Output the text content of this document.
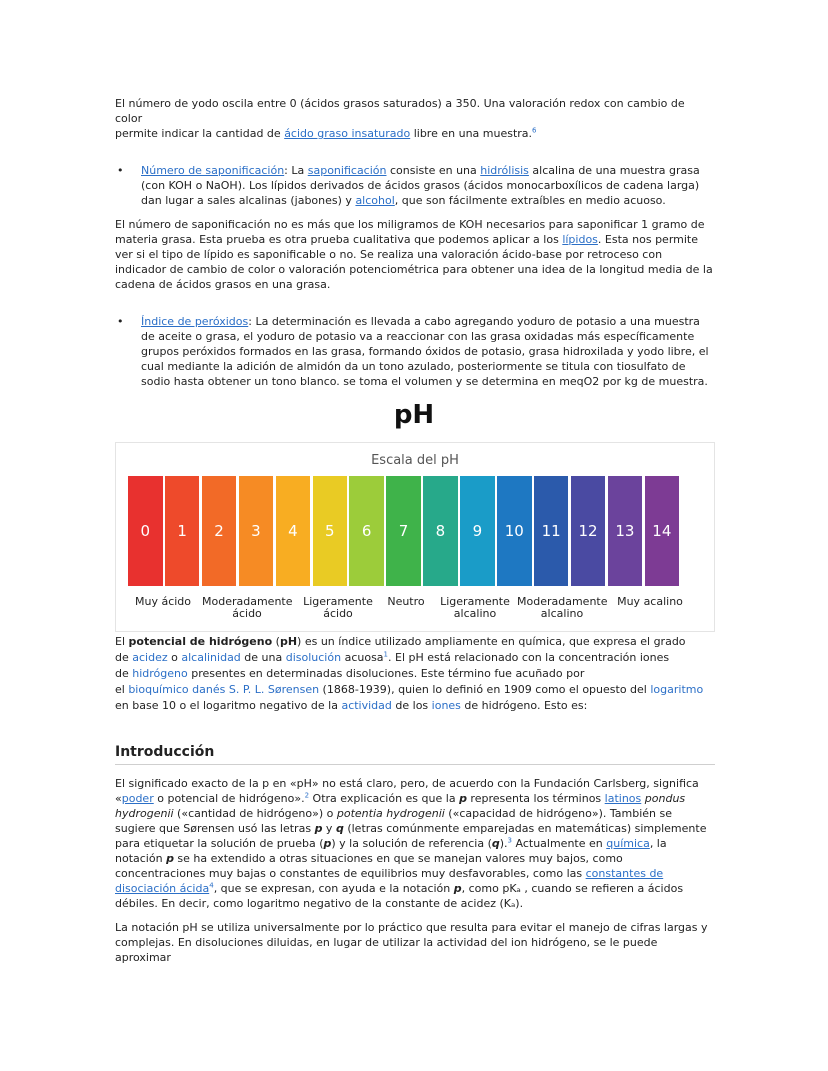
El número de yodo oscila entre 0 (ácidos grasos saturados) a 350. Una valoración redox con cambio de color
permite indicar la cantidad de ácido graso insaturado libre en una muestra.$^6$

• Número de saponificación: La saponificación consiste en una hidrólisis alcalina de una muestra grasa (con KOH o NaOH). Los lípidos derivados de ácidos grasos (ácidos monocarboxílicos de cadena larga) dan lugar a sales alcalinas (jabones) y alcohol, que son fácilmente extraíbles en medio acuoso.

El número de saponificación no es más que los miligramos de KOH necesarios para saponificar 1 gramo de materia grasa. Esta prueba es otra prueba cualitativa que podemos aplicar a los lípidos. Esta nos permite ver si el tipo de lípido es saponificable o no. Se realiza una valoración ácido-base por retroceso con indicador de cambio de color o valoración potenciométrica para obtener una idea de la longitud media de la cadena de ácidos grasos en una grasa.

• Índice de peróxidos: La determinación es llevada a cabo agregando yoduro de potasio a una muestra de aceite o grasa, el yoduro de potasio va a reaccionar con las grasa oxidadas más específicamente grupos peróxidos formados en las grasa, formando óxidos de potasio, grasa hidroxilada y yodo libre, el cual mediante la adición de almidón da un tono azulado, posteriormente se titula con tiosulfato de sodio hasta obtener un tono blanco. se toma el volumen y se determina en meqO2 por kg de muestra.

pH
Escala del pH
0	1	2	3	4	5	6	7	8	9	10	11	12	13	14
Muy ácido Moderadamente
ácido
Ligeramente
ácido
Neutro	Ligeramente
alcalino
Moderadamente
alcalino
Muy acalino
El potencial de hidrógeno (pH) es un índice utilizado ampliamente en química, que expresa el grado
de acidez o alcalinidad de una disolución acuosa$^1$. El pH está relacionado con la concentración iones
de hidrógeno presentes en determinadas disoluciones. Este término fue acuñado por
el bioquímico danés S. P. L. Sørensen (1868-1939), quien lo definió en 1909 como el opuesto del logaritmo en base 10 o el logaritmo negativo de la actividad de los iones de hidrógeno. Esto es:
Introducción

El significado exacto de la p en «pH» no está claro, pero, de acuerdo con la Fundación Carlsberg, significa «poder o potencial de hidrógeno».$^2$ Otra explicación es que la p representa los términos latinos pondus hydrogenii («cantidad de hidrógeno») o potentia hydrogenii («capacidad de hidrógeno»). También se sugiere que Sørensen usó las letras p y q (letras comúnmente emparejadas en matemáticas) simplemente para etiquetar la solución de prueba (p) y la solución de referencia (q).$^3$ Actualmente en química, la notación p se ha extendido a otras situaciones en que se manejan valores muy bajos, como concentraciones muy bajas o constantes de equilibrios muy desfavorables, como las constantes de disociación ácida$^4$, que se expresan, con ayuda e la notación p, como pKₐ , cuando se refieren a ácidos débiles. En decir, como logaritmo negativo de la constante de acidez (Kₐ).

La notación pH se utiliza universalmente por lo práctico que resulta para evitar el manejo de cifras largas y complejas. En disoluciones diluidas, en lugar de utilizar la actividad del ion hidrógeno, se le puede aproximar
